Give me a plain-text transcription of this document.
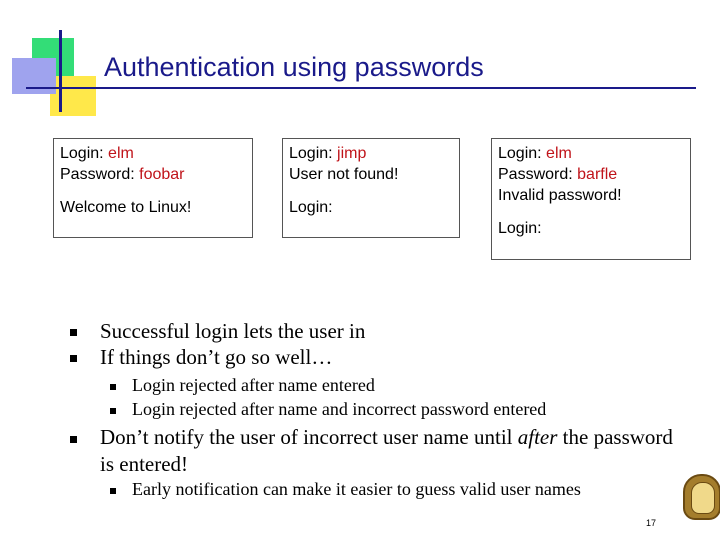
Authentication using passwords
Login: elm
Password: foobar
Welcome to Linux!
Login: jimp
User not found!
Login:
Login: elm
Password: barfle
Invalid password!
Login:
Successful login lets the user in
If things don’t go so well…
Login rejected after name entered
Login rejected after name and incorrect password entered
Don’t notify the user of incorrect user name until after the password is entered!
Early notification can make it easier to guess valid user names
17
